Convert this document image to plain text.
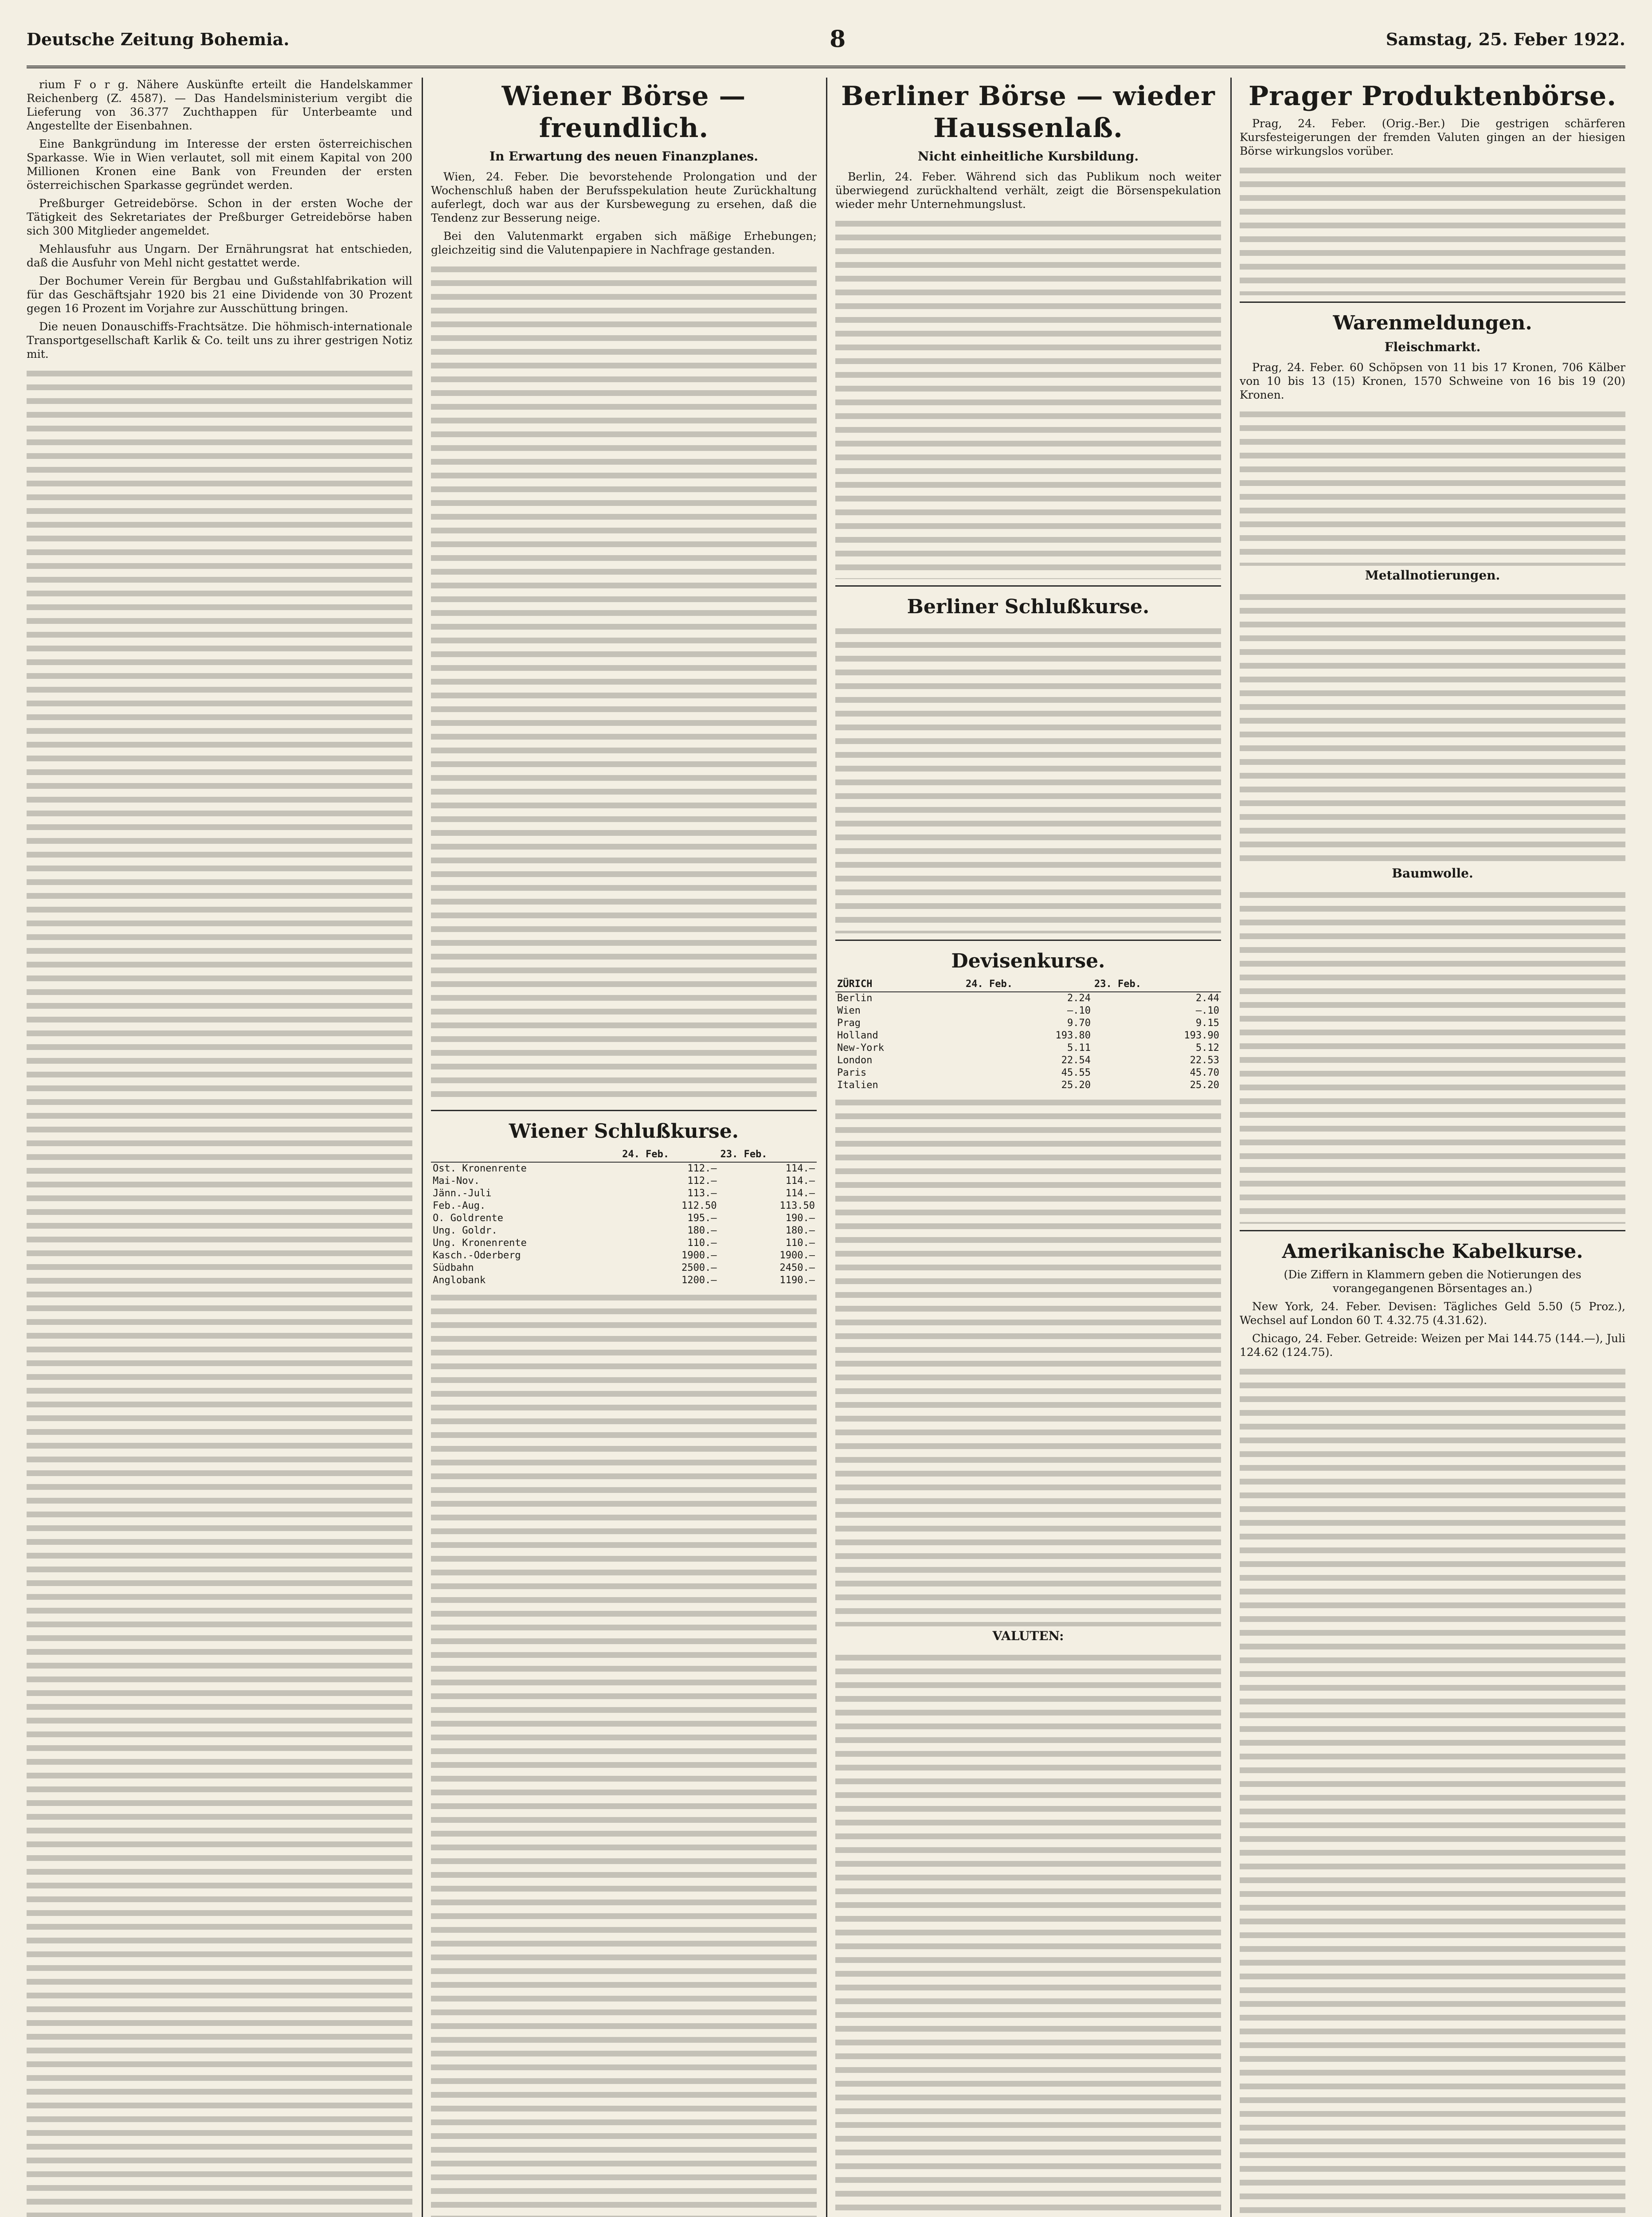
Deutsche Zeitung Bohemia.	8	Samstag, 25. Feber 1922.

rium F o r g. Nähere Auskünfte erteilt die Handelskammer Reichenberg (Z. 4587). — Das Handelsministerium vergibt die Lieferung von 36.377 Zuchthappen für Unterbeamte und Angestellte der Eisenbahnen.

Eine Bankgründung im Interesse der ersten österreichischen Sparkasse. Wie in Wien verlautet, soll mit einem Kapital von 200 Millionen Kronen eine Bank von Freunden der ersten österreichischen Sparkasse gegründet werden.

Preßburger Getreidebörse. Schon in der ersten Woche der Tätigkeit des Sekretariates der Preßburger Getreidebörse haben sich 300 Mitglieder angemeldet.

Mehlausfuhr aus Ungarn. Der Ernährungsrat hat entschieden, daß die Ausfuhr von Mehl nicht gestattet werde.

Der Bochumer Verein für Bergbau und Gußstahlfabrikation will für das Geschäftsjahr 1920 bis 21 eine Dividende von 30 Prozent gegen 16 Prozent im Vorjahre zur Ausschüttung bringen.

Die neuen Donauschiffs-Frachtsätze. Die höhmisch-internationale Transportgesellschaft Karlik & Co. teilt uns zu ihrer gestrigen Notiz mit.

Wiener Börse — freundlich.
In Erwartung des neuen Finanzplanes.

Wien, 24. Feber. Die bevorstehende Prolongation und der Wochenschluß haben der Berufsspekulation heute Zurückhaltung auferlegt, doch war aus der Kursbewegung zu ersehen, daß die Tendenz zur Besserung neige.

Bei den Valutenmarkt ergaben sich mäßige Erhebungen; gleichzeitig sind die Valutenpapiere in Nachfrage gestanden.

Wiener Schlußkurse.
	24. Feb.	23. Feb.
Ost. Kronenrente	112.—	114.—
Mai-Nov.	112.—	114.—
Jänn.-Juli	113.—	114.—
Feb.-Aug.	112.50	113.50
O. Goldrente	195.—	190.—
Ung. Goldr.	180.—	180.—
Ung. Kronenrente	110.—	110.—
Kasch.-Oderberg	1900.—	1900.—
Südbahn	2500.—	2450.—
Anglobank	1200.—	1190.—
Berliner Börse — wieder Haussenlaß.
Nicht einheitliche Kursbildung.

Berlin, 24. Feber. Während sich das Publikum noch weiter überwiegend zurückhaltend verhält, zeigt die Börsenspekulation wieder mehr Unternehmungslust.

Berliner Schlußkurse.
Devisenkurse.
ZÜRICH	24. Feb.	23. Feb.
Berlin	2.24	2.44
Wien	—.10	—.10
Prag	9.70	9.15
Holland	193.80	193.90
New-York	5.11	5.12
London	22.54	22.53
Paris	45.55	45.70
Italien	25.20	25.20
VALUTEN:
Prager Produktenbörse.

Prag, 24. Feber. (Orig.-Ber.) Die gestrigen schärferen Kursfesteigerungen der fremden Valuten gingen an der hiesigen Börse wirkungslos vorüber.

Warenmeldungen.
Fleischmarkt.

Prag, 24. Feber. 60 Schöpsen von 11 bis 17 Kronen, 706 Kälber von 10 bis 13 (15) Kronen, 1570 Schweine von 16 bis 19 (20) Kronen.

Metallnotierungen.
Baumwolle.
Amerikanische Kabelkurse.

(Die Ziffern in Klammern geben die Notierungen des vorangegangenen Börsentages an.)

New York, 24. Feber. Devisen: Tägliches Geld 5.50 (5 Proz.), Wechsel auf London 60 T. 4.32.75 (4.31.62).

Chicago, 24. Feber. Getreide: Weizen per Mai 144.75 (144.—), Juli 124.62 (124.75).
